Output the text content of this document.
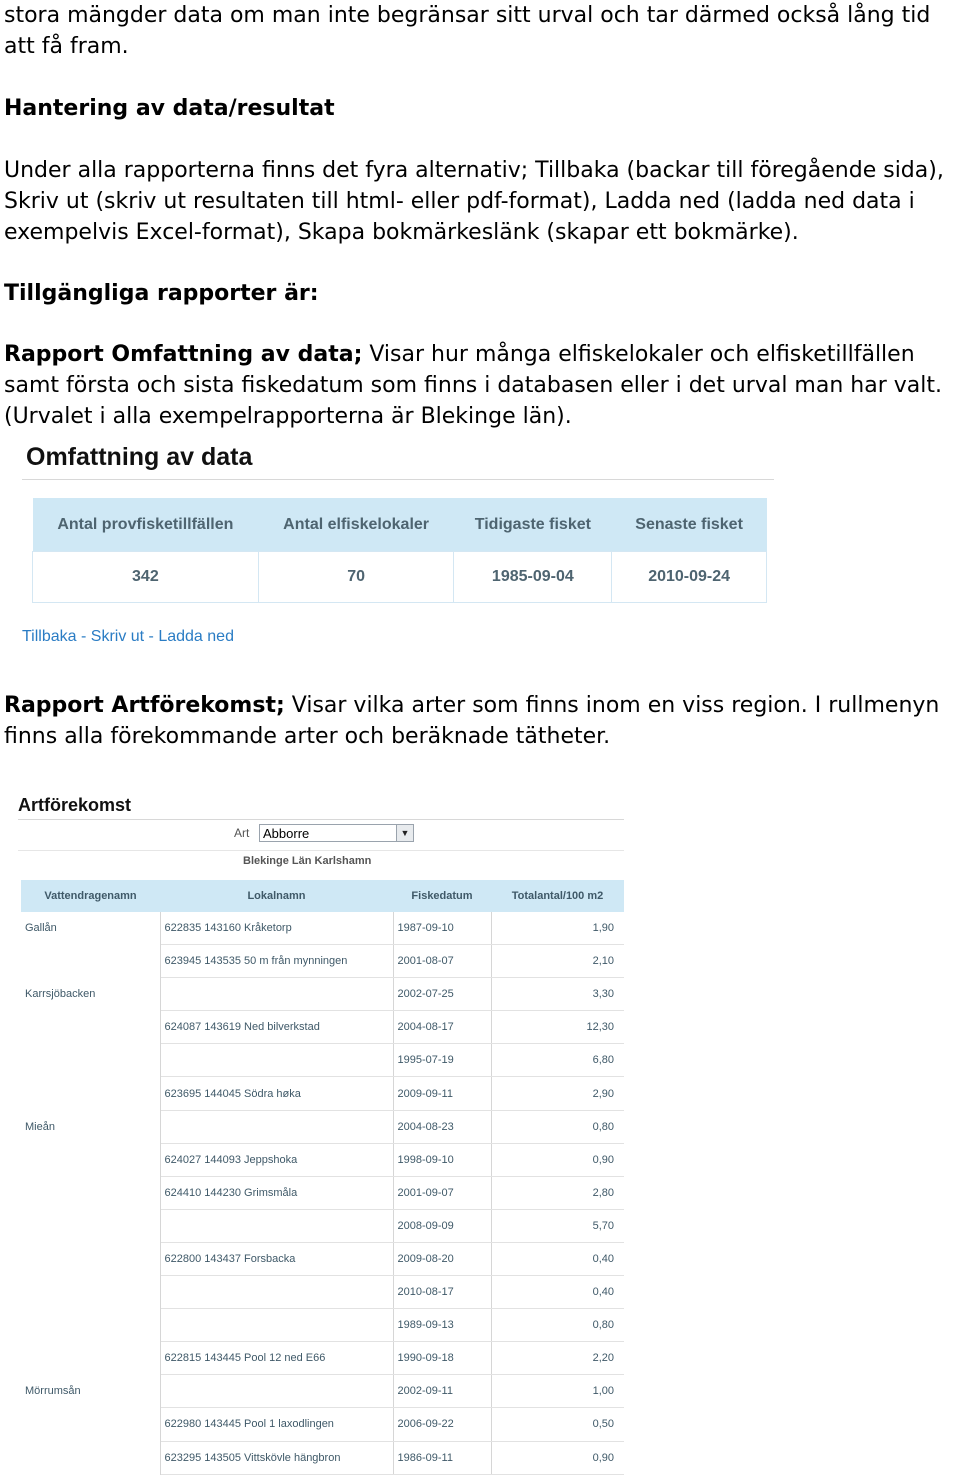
stora mängder data om man inte begränsar sitt urval och tar därmed också lång tid att få fram.

Hantering av data/resultat

Under alla rapporterna finns det fyra alternativ; Tillbaka (backar till föregående sida), Skriv ut (skriv ut resultaten till html- eller pdf-format), Ladda ned (ladda ned data i exempelvis Excel-format), Skapa bokmärkeslänk (skapar ett bokmärke).

Tillgängliga rapporter är:

Rapport Omfattning av data; Visar hur många elfiskelokaler och elfisketillfällen samt första och sista fiskedatum som finns i databasen eller i det urval man har valt. (Urvalet i alla exempelrapporterna är Blekinge län).

Omfattning av data
Antal provfisketillfällen	Antal elfiskelokaler	Tidigaste fisket	Senaste fisket
342	70	1985-09-04	2010-09-24
Tillbaka - Skriv ut - Ladda ned

Rapport Artförekomst; Visar vilka arter som finns inom en viss region. I rullmenyn finns alla förekommande arter och beräknade tätheter.

Artförekomst
Art Abborre	▼
Blekinge Län Karlshamn
Vattendragenamn	Lokalnamn	Fiskedatum	Totalantal/100 m2
Gallån	622835 143160 Kråketorp	1987-09-10	1,90
	623945 143535 50 m från mynningen	2001-08-07	2,10
Karrsjöbacken		2002-07-25	3,30
	624087 143619 Ned bilverkstad	2004-08-17	12,30
		1995-07-19	6,80
	623695 144045 Södra høka	2009-09-11	2,90
Mieån		2004-08-23	0,80
	624027 144093 Jeppshoka	1998-09-10	0,90
	624410 144230 Grimsmåla	2001-09-07	2,80
		2008-09-09	5,70
	622800 143437 Forsbacka	2009-08-20	0,40
		2010-08-17	0,40
		1989-09-13	0,80
	622815 143445 Pool 12 ned E66	1990-09-18	2,20
Mörrumsån		2002-09-11	1,00
	622980 143445 Pool 1 laxodlingen	2006-09-22	0,50
	623295 143505 Vittskövle hängbron	1986-09-11	0,90
